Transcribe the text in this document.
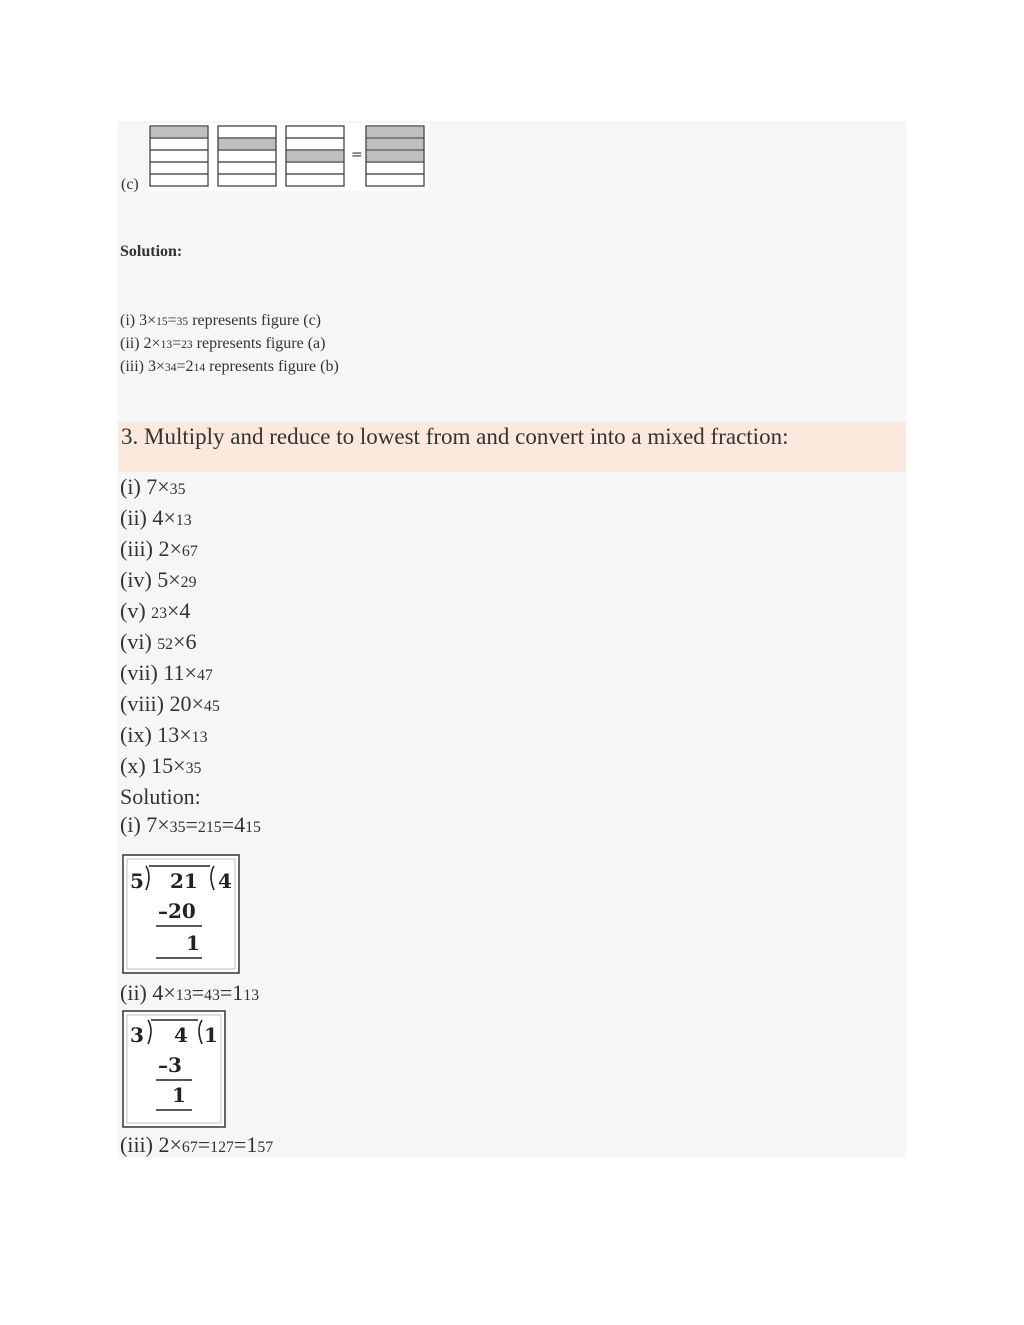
(c)
=
Solution:
(i) 3×15=35 represents figure (c)
(ii) 2×13=23 represents figure (a)
(iii) 3×34=214 represents figure (b)
3. Multiply and reduce to lowest from and convert into a mixed fraction:
(i) 7×35
(ii) 4×13
(iii) 2×67
(iv) 5×29
(v) 23×4
(vi) 52×6
(vii) 11×47
(viii) 20×45
(ix) 13×13
(x) 15×35
Solution:
(i) 7×35=215=415
5 21 4
–20
1
(ii) 4×13=43=113
3 4 1
–3
1
(iii) 2×67=127=157
